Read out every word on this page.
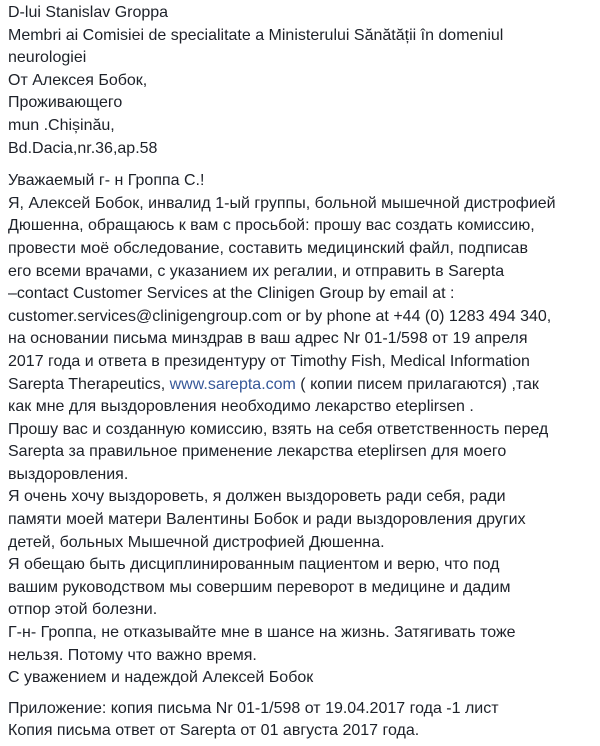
D-lui Stanislav Groppa
Membri ai Comisiei de specialitate a Ministerului Sănătății în domeniul
neurologiei
От Алексея Бобок,
Проживающего
mun .Chișinău,
Bd.Dacia,nr.36,ap.58
Уважаемый г- н Гроппа С.!
Я, Алексей Бобок, инвалид 1-ый группы, больной мышечной дистрофией
Дюшенна, обращаюсь к вам с просьбой: прошу вас создать комиссию,
провести моё обследование, составить медицинский файл, подписав
его всеми врачами, с указанием их регалии, и отправить в Sarepta
–contact Customer Services at the Clinigen Group by email at :
customer.services@clinigengroup.com or by phone at +44 (0) 1283 494 340,
на основании письма минздрав в ваш адрес Nr 01-1/598 от 19 апреля
2017 года и ответа в президентуру от Timothy Fish, Medical Information
Sarepta Therapeutics, www.sarepta.com ( копии писем прилагаются) ,так
как мне для выздоровления необходимо лекарство eteplirsen .
Прошу вас и созданную комиссию, взять на себя ответственность перед
Sarepta за правильное применение лекарства eteplirsen для моего
выздоровления.
Я очень хочу выздороветь, я должен выздороветь ради себя, ради
памяти моей матери Валентины Бобок и ради выздоровления других
детей, больных Мышечной дистрофией Дюшенна.
Я обещаю быть дисциплинированным пациентом и верю, что под
вашим руководством мы совершим переворот в медицине и дадим
отпор этой болезни.
Г-н- Гроппа, не отказывайте мне в шансе на жизнь. Затягивать тоже
нельзя. Потому что важно время.
С уважением и надеждой Алексей Бобок
Приложение: копия письма Nr 01-1/598 от 19.04.2017 года -1 лист
Копия письма ответ от Sarepta от 01 августа 2017 года.
